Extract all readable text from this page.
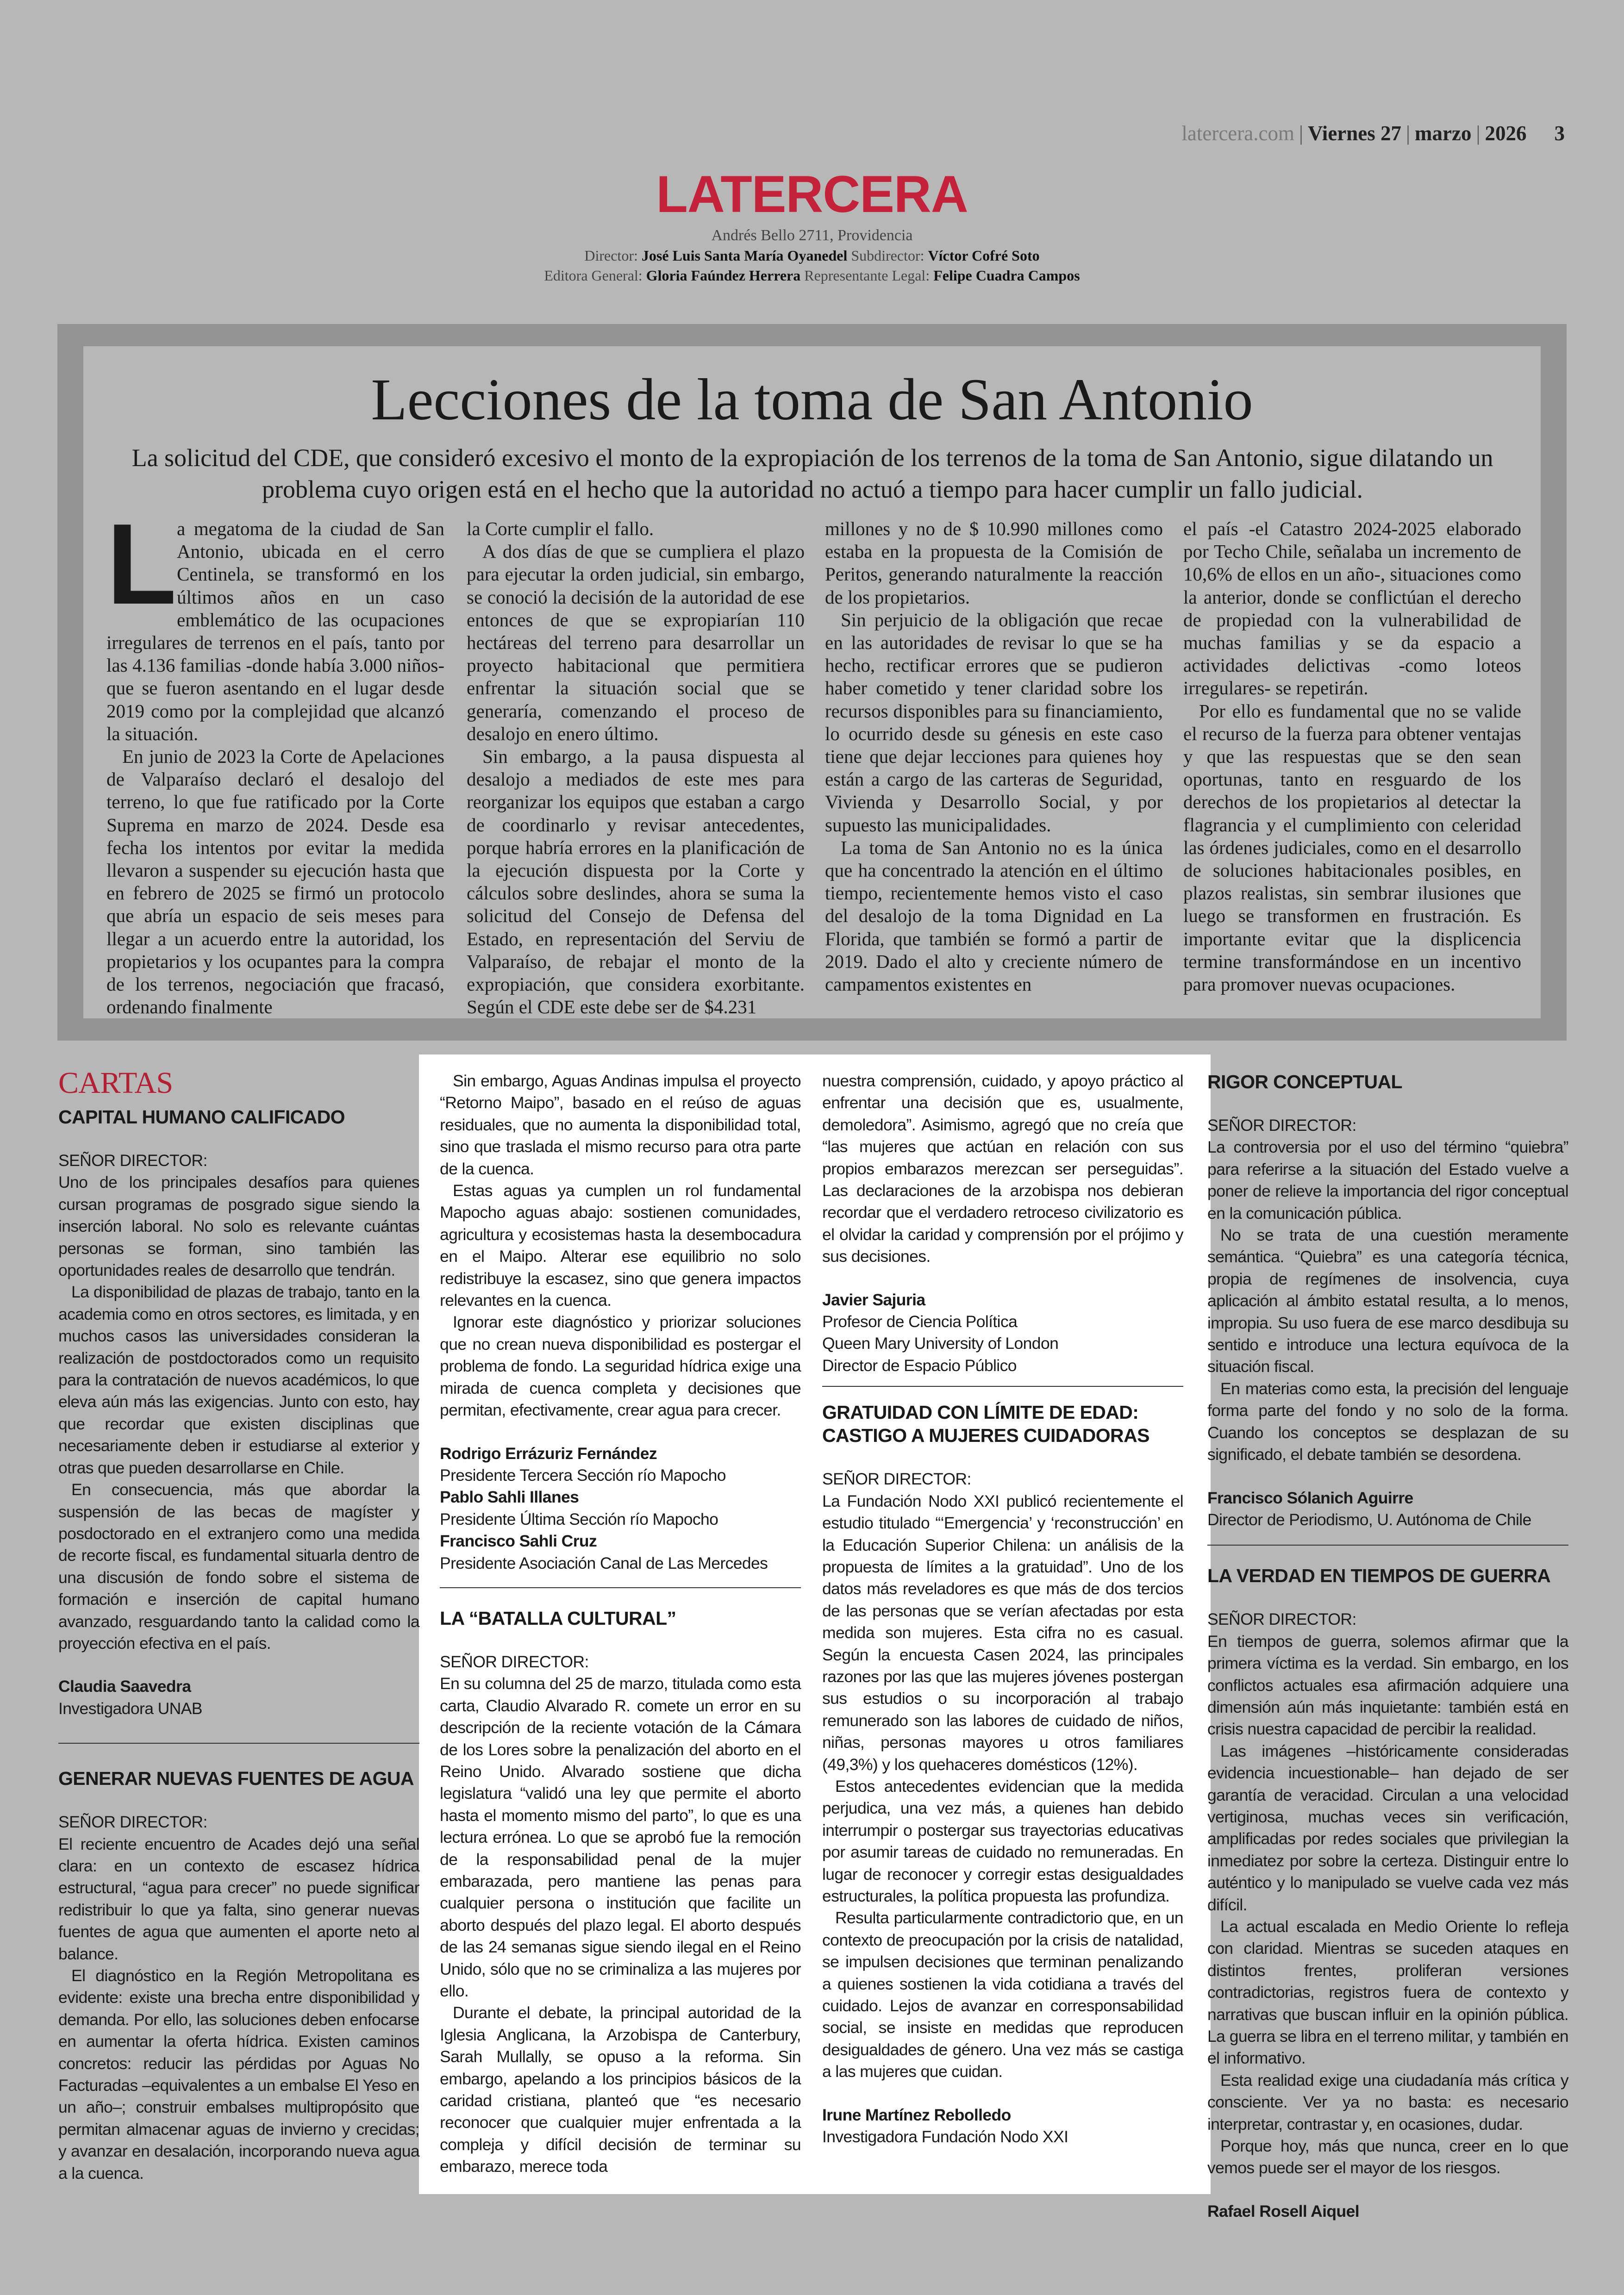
latercera.com | Viernes 27 | marzo | 2026 3
LATERCERA
Andrés Bello 2711, Providencia
Director: José Luis Santa María Oyanedel Subdirector: Víctor Cofré Soto
Editora General: Gloria Faúndez Herrera Representante Legal: Felipe Cuadra Campos
Lecciones de la toma de San Antonio
La solicitud del CDE, que consideró excesivo el monto de la expropiación de los terrenos de la toma de San Antonio, sigue dilatando un problema cuyo origen está en el hecho que la autoridad no actuó a tiempo para hacer cumplir un fallo judicial.
L a megatoma de la ciudad de San Antonio, ubicada en el cerro Centinela, se transformó en los últimos años en un caso emblemático de las ocupaciones irregulares de terrenos en el país, tanto por las 4.136 familias -donde había 3.000 niños- que se fueron asentando en el lugar desde 2019 como por la complejidad que alcanzó la situación.

En junio de 2023 la Corte de Apelaciones de Valparaíso declaró el desalojo del terreno, lo que fue ratificado por la Corte Suprema en marzo de 2024. Desde esa fecha los intentos por evitar la medida llevaron a suspender su ejecución hasta que en febrero de 2025 se firmó un protocolo que abría un espacio de seis meses para llegar a un acuerdo entre la autoridad, los propietarios y los ocupantes para la compra de los terrenos, negociación que fracasó, ordenando finalmente

la Corte cumplir el fallo.

A dos días de que se cumpliera el plazo para ejecutar la orden judicial, sin embargo, se conoció la decisión de la autoridad de ese entonces de que se expropiarían 110 hectáreas del terreno para desarrollar un proyecto habitacional que permitiera enfrentar la situación social que se generaría, comenzando el proceso de desalojo en enero último.

Sin embargo, a la pausa dispuesta al desalojo a mediados de este mes para reorganizar los equipos que estaban a cargo de coordinarlo y revisar antecedentes, porque habría errores en la planificación de la ejecución dispuesta por la Corte y cálculos sobre deslindes, ahora se suma la solicitud del Consejo de Defensa del Estado, en representación del Serviu de Valparaíso, de rebajar el monto de la expropiación, que considera exorbitante. Según el CDE este debe ser de $4.231

millones y no de $ 10.990 millones como estaba en la propuesta de la Comisión de Peritos, generando naturalmente la reacción de los propietarios.

Sin perjuicio de la obligación que recae en las autoridades de revisar lo que se ha hecho, rectificar errores que se pudieron haber cometido y tener claridad sobre los recursos disponibles para su financiamiento, lo ocurrido desde su génesis en este caso tiene que dejar lecciones para quienes hoy están a cargo de las carteras de Seguridad, Vivienda y Desarrollo Social, y por supuesto las municipalidades.

La toma de San Antonio no es la única que ha concentrado la atención en el último tiempo, recientemente hemos visto el caso del desalojo de la toma Dignidad en La Florida, que también se formó a partir de 2019. Dado el alto y creciente número de campamentos existentes en

el país -el Catastro 2024-2025 elaborado por Techo Chile, señalaba un incremento de 10,6% de ellos en un año-, situaciones como la anterior, donde se conflictúan el derecho de propiedad con la vulnerabilidad de muchas familias y se da espacio a actividades delictivas -como loteos irregulares- se repetirán.

Por ello es fundamental que no se valide el recurso de la fuerza para obtener ventajas y que las respuestas que se den sean oportunas, tanto en resguardo de los derechos de los propietarios al detectar la flagrancia y el cumplimiento con celeridad las órdenes judiciales, como en el desarrollo de soluciones habitacionales posibles, en plazos realistas, sin sembrar ilusiones que luego se transformen en frustración. Es importante evitar que la displicencia termine transformándose en un incentivo para promover nuevas ocupaciones.

CARTAS
CAPITAL HUMANO CALIFICADO

SEÑOR DIRECTOR:

Uno de los principales desafíos para quienes cursan programas de posgrado sigue siendo la inserción laboral. No solo es relevante cuántas personas se forman, sino también las oportunidades reales de desarrollo que tendrán.

La disponibilidad de plazas de trabajo, tanto en la academia como en otros sectores, es limitada, y en muchos casos las universidades consideran la realización de postdoctorados como un requisito para la contratación de nuevos académicos, lo que eleva aún más las exigencias. Junto con esto, hay que recordar que existen disciplinas que necesariamente deben ir estudiarse al exterior y otras que pueden desarrollarse en Chile.

En consecuencia, más que abordar la suspensión de las becas de magíster y posdoctorado en el extranjero como una medida de recorte fiscal, es fundamental situarla dentro de una discusión de fondo sobre el sistema de formación e inserción de capital humano avanzado, resguardando tanto la calidad como la proyección efectiva en el país.

Claudia Saavedra
Investigadora UNAB
GENERAR NUEVAS FUENTES DE AGUA

SEÑOR DIRECTOR:

El reciente encuentro de Acades dejó una señal clara: en un contexto de escasez hídrica estructural, “agua para crecer” no puede significar redistribuir lo que ya falta, sino generar nuevas fuentes de agua que aumenten el aporte neto al balance.

El diagnóstico en la Región Metropolitana es evidente: existe una brecha entre disponibilidad y demanda. Por ello, las soluciones deben enfocarse en aumentar la oferta hídrica. Existen caminos concretos: reducir las pérdidas por Aguas No Facturadas –equivalentes a un embalse El Yeso en un año–; construir embalses multipropósito que permitan almacenar aguas de invierno y crecidas; y avanzar en desalación, incorporando nueva agua a la cuenca.

Sin embargo, Aguas Andinas impulsa el proyecto “Retorno Maipo”, basado en el reúso de aguas residuales, que no aumenta la disponibilidad total, sino que traslada el mismo recurso para otra parte de la cuenca.

Estas aguas ya cumplen un rol fundamental Mapocho aguas abajo: sostienen comunidades, agricultura y ecosistemas hasta la desembocadura en el Maipo. Alterar ese equilibrio no solo redistribuye la escasez, sino que genera impactos relevantes en la cuenca.

Ignorar este diagnóstico y priorizar soluciones que no crean nueva disponibilidad es postergar el problema de fondo. La seguridad hídrica exige una mirada de cuenca completa y decisiones que permitan, efectivamente, crear agua para crecer.

Rodrigo Errázuriz Fernández
Presidente Tercera Sección río Mapocho
Pablo Sahli Illanes
Presidente Última Sección río Mapocho
Francisco Sahli Cruz
Presidente Asociación Canal de Las Mercedes
LA “BATALLA CULTURAL”

SEÑOR DIRECTOR:

En su columna del 25 de marzo, titulada como esta carta, Claudio Alvarado R. comete un error en su descripción de la reciente votación de la Cámara de los Lores sobre la penalización del aborto en el Reino Unido. Alvarado sostiene que dicha legislatura “validó una ley que permite el aborto hasta el momento mismo del parto”, lo que es una lectura errónea. Lo que se aprobó fue la remoción de la responsabilidad penal de la mujer embarazada, pero mantiene las penas para cualquier persona o institución que facilite un aborto después del plazo legal. El aborto después de las 24 semanas sigue siendo ilegal en el Reino Unido, sólo que no se criminaliza a las mujeres por ello.

Durante el debate, la principal autoridad de la Iglesia Anglicana, la Arzobispa de Canterbury, Sarah Mullally, se opuso a la reforma. Sin embargo, apelando a los principios básicos de la caridad cristiana, planteó que “es necesario reconocer que cualquier mujer enfrentada a la compleja y difícil decisión de terminar su embarazo, merece toda

nuestra comprensión, cuidado, y apoyo práctico al enfrentar una decisión que es, usualmente, demoledora”. Asimismo, agregó que no creía que “las mujeres que actúan en relación con sus propios embarazos merezcan ser perseguidas”. Las declaraciones de la arzobispa nos debieran recordar que el verdadero retroceso civilizatorio es el olvidar la caridad y comprensión por el prójimo y sus decisiones.

Javier Sajuria
Profesor de Ciencia Política
Queen Mary University of London
Director de Espacio Público
GRATUIDAD CON LÍMITE DE EDAD: CASTIGO A MUJERES CUIDADORAS

SEÑOR DIRECTOR:

La Fundación Nodo XXI publicó recientemente el estudio titulado “‘Emergencia’ y ‘reconstrucción’ en la Educación Superior Chilena: un análisis de la propuesta de límites a la gratuidad”. Uno de los datos más reveladores es que más de dos tercios de las personas que se verían afectadas por esta medida son mujeres. Esta cifra no es casual. Según la encuesta Casen 2024, las principales razones por las que las mujeres jóvenes postergan sus estudios o su incorporación al trabajo remunerado son las labores de cuidado de niños, niñas, personas mayores u otros familiares (49,3%) y los quehaceres domésticos (12%).

Estos antecedentes evidencian que la medida perjudica, una vez más, a quienes han debido interrumpir o postergar sus trayectorias educativas por asumir tareas de cuidado no remuneradas. En lugar de reconocer y corregir estas desigualdades estructurales, la política propuesta las profundiza.

Resulta particularmente contradictorio que, en un contexto de preocupación por la crisis de natalidad, se impulsen decisiones que terminan penalizando a quienes sostienen la vida cotidiana a través del cuidado. Lejos de avanzar en corresponsabilidad social, se insiste en medidas que reproducen desigualdades de género. Una vez más se castiga a las mujeres que cuidan.

Irune Martínez Rebolledo
Investigadora Fundación Nodo XXI
RIGOR CONCEPTUAL

SEÑOR DIRECTOR:

La controversia por el uso del término “quiebra” para referirse a la situación del Estado vuelve a poner de relieve la importancia del rigor conceptual en la comunicación pública.

No se trata de una cuestión meramente semántica. “Quiebra” es una categoría técnica, propia de regímenes de insolvencia, cuya aplicación al ámbito estatal resulta, a lo menos, impropia. Su uso fuera de ese marco desdibuja su sentido e introduce una lectura equívoca de la situación fiscal.

En materias como esta, la precisión del lenguaje forma parte del fondo y no solo de la forma. Cuando los conceptos se desplazan de su significado, el debate también se desordena.

Francisco Sólanich Aguirre
Director de Periodismo, U. Autónoma de Chile
LA VERDAD EN TIEMPOS DE GUERRA

SEÑOR DIRECTOR:

En tiempos de guerra, solemos afirmar que la primera víctima es la verdad. Sin embargo, en los conflictos actuales esa afirmación adquiere una dimensión aún más inquietante: también está en crisis nuestra capacidad de percibir la realidad.

Las imágenes –históricamente consideradas evidencia incuestionable– han dejado de ser garantía de veracidad. Circulan a una velocidad vertiginosa, muchas veces sin verificación, amplificadas por redes sociales que privilegian la inmediatez por sobre la certeza. Distinguir entre lo auténtico y lo manipulado se vuelve cada vez más difícil.

La actual escalada en Medio Oriente lo refleja con claridad. Mientras se suceden ataques en distintos frentes, proliferan versiones contradictorias, registros fuera de contexto y narrativas que buscan influir en la opinión pública. La guerra se libra en el terreno militar, y también en el informativo.

Esta realidad exige una ciudadanía más crítica y consciente. Ver ya no basta: es necesario interpretar, contrastar y, en ocasiones, dudar.

Porque hoy, más que nunca, creer en lo que vemos puede ser el mayor de los riesgos.

Rafael Rosell Aiquel
